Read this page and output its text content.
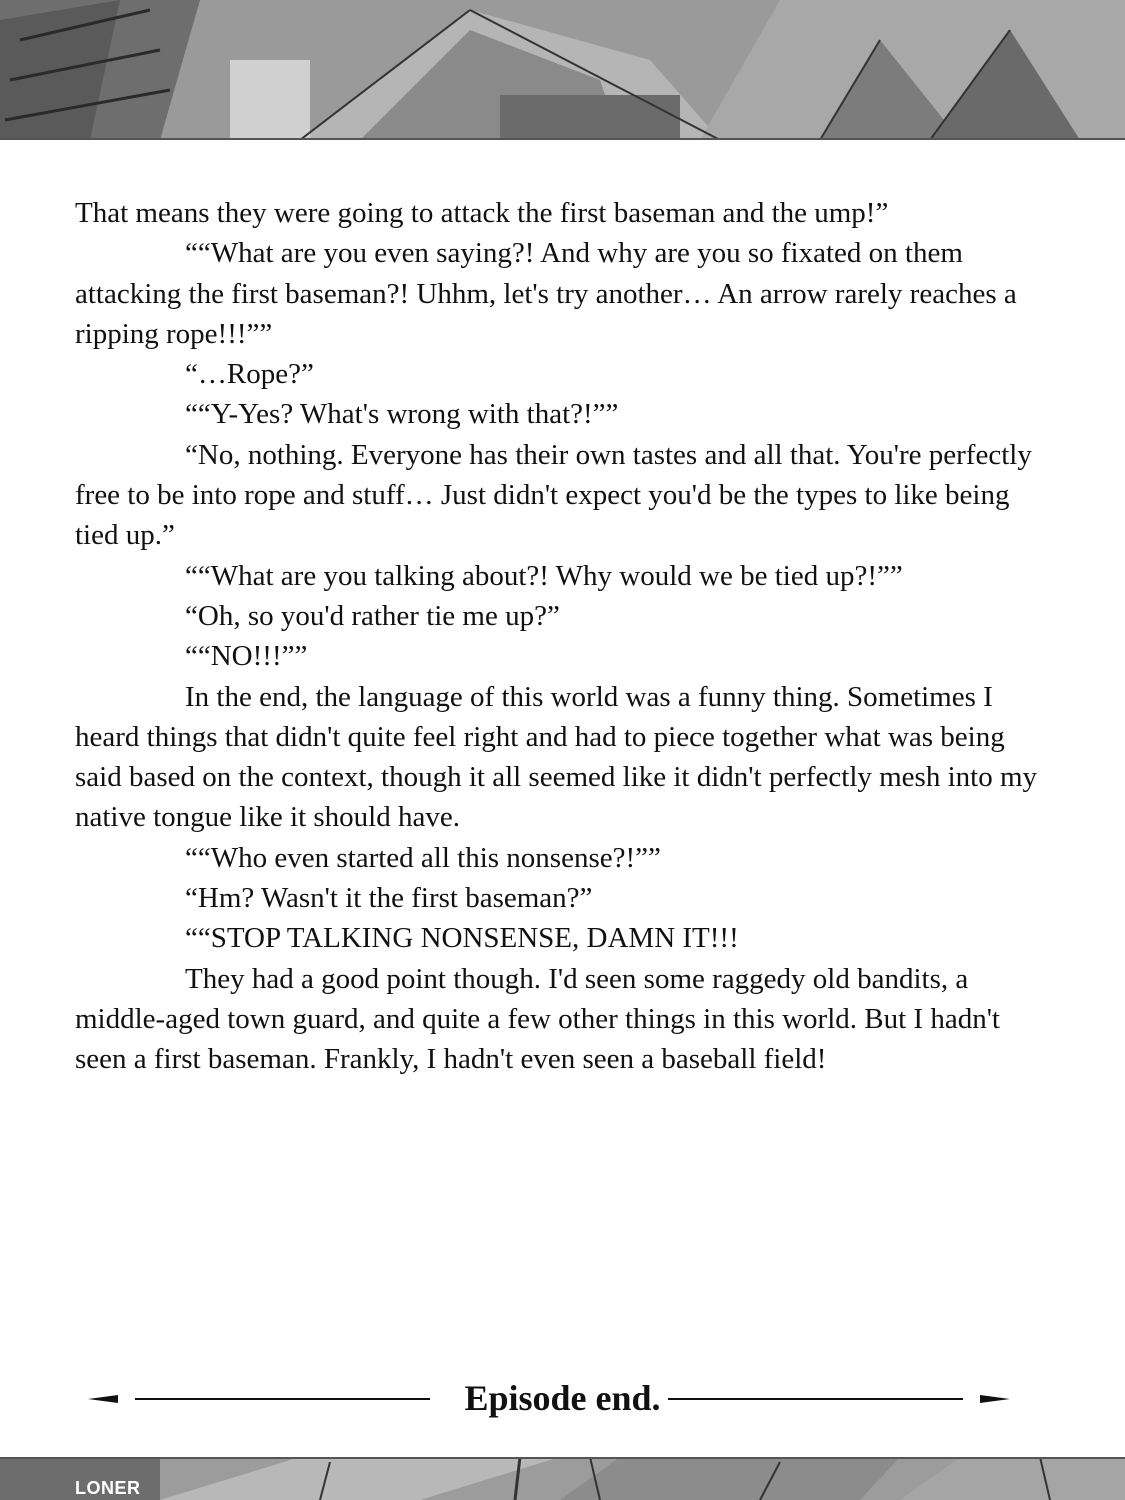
That means they were going to attack the first baseman and the ump!”

““What are you even saying?! And why are you so fixated on them attacking the first baseman?! Uhhm, let's try another… An arrow rarely reaches a ripping rope!!!””

“…Rope?”

““Y-Yes? What's wrong with that?!””

“No, nothing. Everyone has their own tastes and all that. You're perfectly free to be into rope and stuff… Just didn't expect you'd be the types to like being tied up.”

““What are you talking about?! Why would we be tied up?!””

“Oh, so you'd rather tie me up?”

““NO!!!””

In the end, the language of this world was a funny thing. Sometimes I heard things that didn't quite feel right and had to piece together what was being said based on the context, though it all seemed like it didn't perfectly mesh into my native tongue like it should have.

““Who even started all this nonsense?!””

“Hm? Wasn't it the first baseman?”

““STOP TALKING NONSENSE, DAMN IT!!!

They had a good point though. I'd seen some raggedy old bandits, a middle-aged town guard, and quite a few other things in this world. But I hadn't seen a first baseman. Frankly, I hadn't even seen a baseball field!

Episode end.
LONER
